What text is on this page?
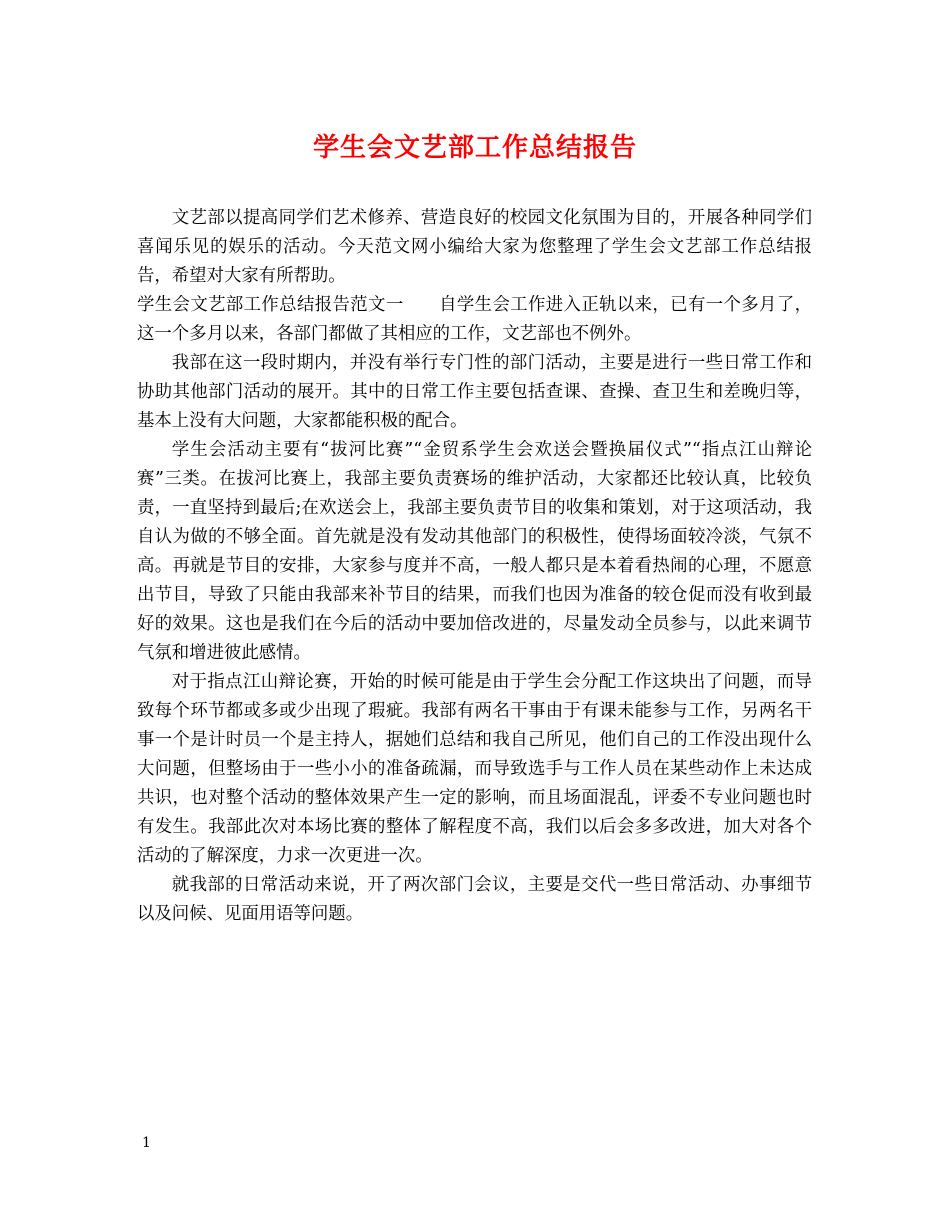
学生会文艺部工作总结报告

文艺部以提高同学们艺术修养、营造良好的校园文化氛围为目的，开展各种同学们喜闻乐见的娱乐的活动。今天范文网小编给大家为您整理了学生会文艺部工作总结报告，希望对大家有所帮助。

学生会文艺部工作总结报告范文一　　自学生会工作进入正轨以来，已有一个多月了，这一个多月以来，各部门都做了其相应的工作，文艺部也不例外。

我部在这一段时期内，并没有举行专门性的部门活动，主要是进行一些日常工作和协助其他部门活动的展开。其中的日常工作主要包括查课、查操、查卫生和差晚归等，基本上没有大问题，大家都能积极的配合。

学生会活动主要有“拔河比赛”“金贸系学生会欢送会暨换届仪式”“指点江山辩论赛”三类。在拔河比赛上，我部主要负责赛场的维护活动，大家都还比较认真，比较负责，一直坚持到最后;在欢送会上，我部主要负责节目的收集和策划，对于这项活动，我自认为做的不够全面。首先就是没有发动其他部门的积极性，使得场面较冷淡，气氛不高。再就是节目的安排，大家参与度并不高，一般人都只是本着看热闹的心理，不愿意出节目，导致了只能由我部来补节目的结果，而我们也因为准备的较仓促而没有收到最好的效果。这也是我们在今后的活动中要加倍改进的，尽量发动全员参与，以此来调节气氛和增进彼此感情。

对于指点江山辩论赛，开始的时候可能是由于学生会分配工作这块出了问题，而导致每个环节都或多或少出现了瑕疵。我部有两名干事由于有课未能参与工作，另两名干事一个是计时员一个是主持人，据她们总结和我自己所见，他们自己的工作没出现什么大问题，但整场由于一些小小的准备疏漏，而导致选手与工作人员在某些动作上未达成共识，也对整个活动的整体效果产生一定的影响，而且场面混乱，评委不专业问题也时有发生。我部此次对本场比赛的整体了解程度不高，我们以后会多多改进，加大对各个活动的了解深度，力求一次更进一次。

就我部的日常活动来说，开了两次部门会议，主要是交代一些日常活动、办事细节以及问候、见面用语等问题。

1
